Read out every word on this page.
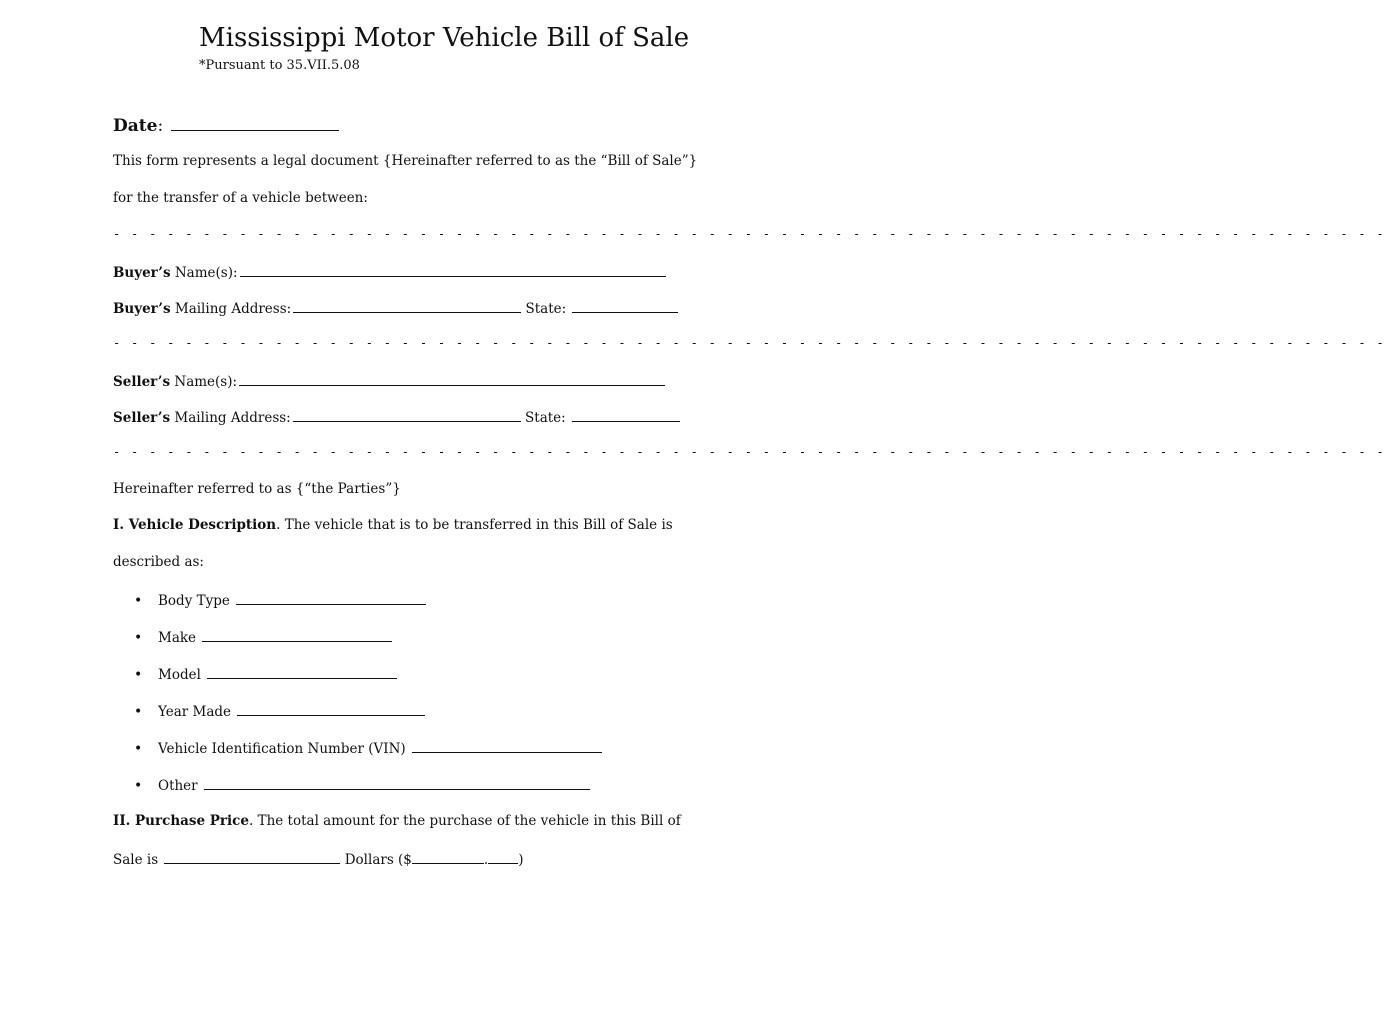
Mississippi Motor Vehicle Bill of Sale
*Pursuant to 35.VII.5.08
Date:
This form represents a legal document {Hereinafter referred to as the “Bill of Sale”}
for the transfer of a vehicle between:
- - - - - - - - - - - - - - - - - - - - - - - - - - - - - - - - - - - - - - - - - - - - - - - - - - - - - - - - - - - - - - - - - - - - - - -
Buyer’s Name(s):
Buyer’s Mailing Address:	State:
- - - - - - - - - - - - - - - - - - - - - - - - - - - - - - - - - - - - - - - - - - - - - - - - - - - - - - - - - - - - - - - - - - - - - - -
Seller’s Name(s):
Seller’s Mailing Address:	State:
- - - - - - - - - - - - - - - - - - - - - - - - - - - - - - - - - - - - - - - - - - - - - - - - - - - - - - - - - - - - - - - - - - - - - - -
Hereinafter referred to as {“the Parties”}
I. Vehicle Description. The vehicle that is to be transferred in this Bill of Sale is
described as:
• Body Type
• Make
• Model
• Year Made
• Vehicle Identification Number (VIN)
• Other
II. Purchase Price. The total amount for the purchase of the vehicle in this Bill of
Sale is	Dollars ($	. )
